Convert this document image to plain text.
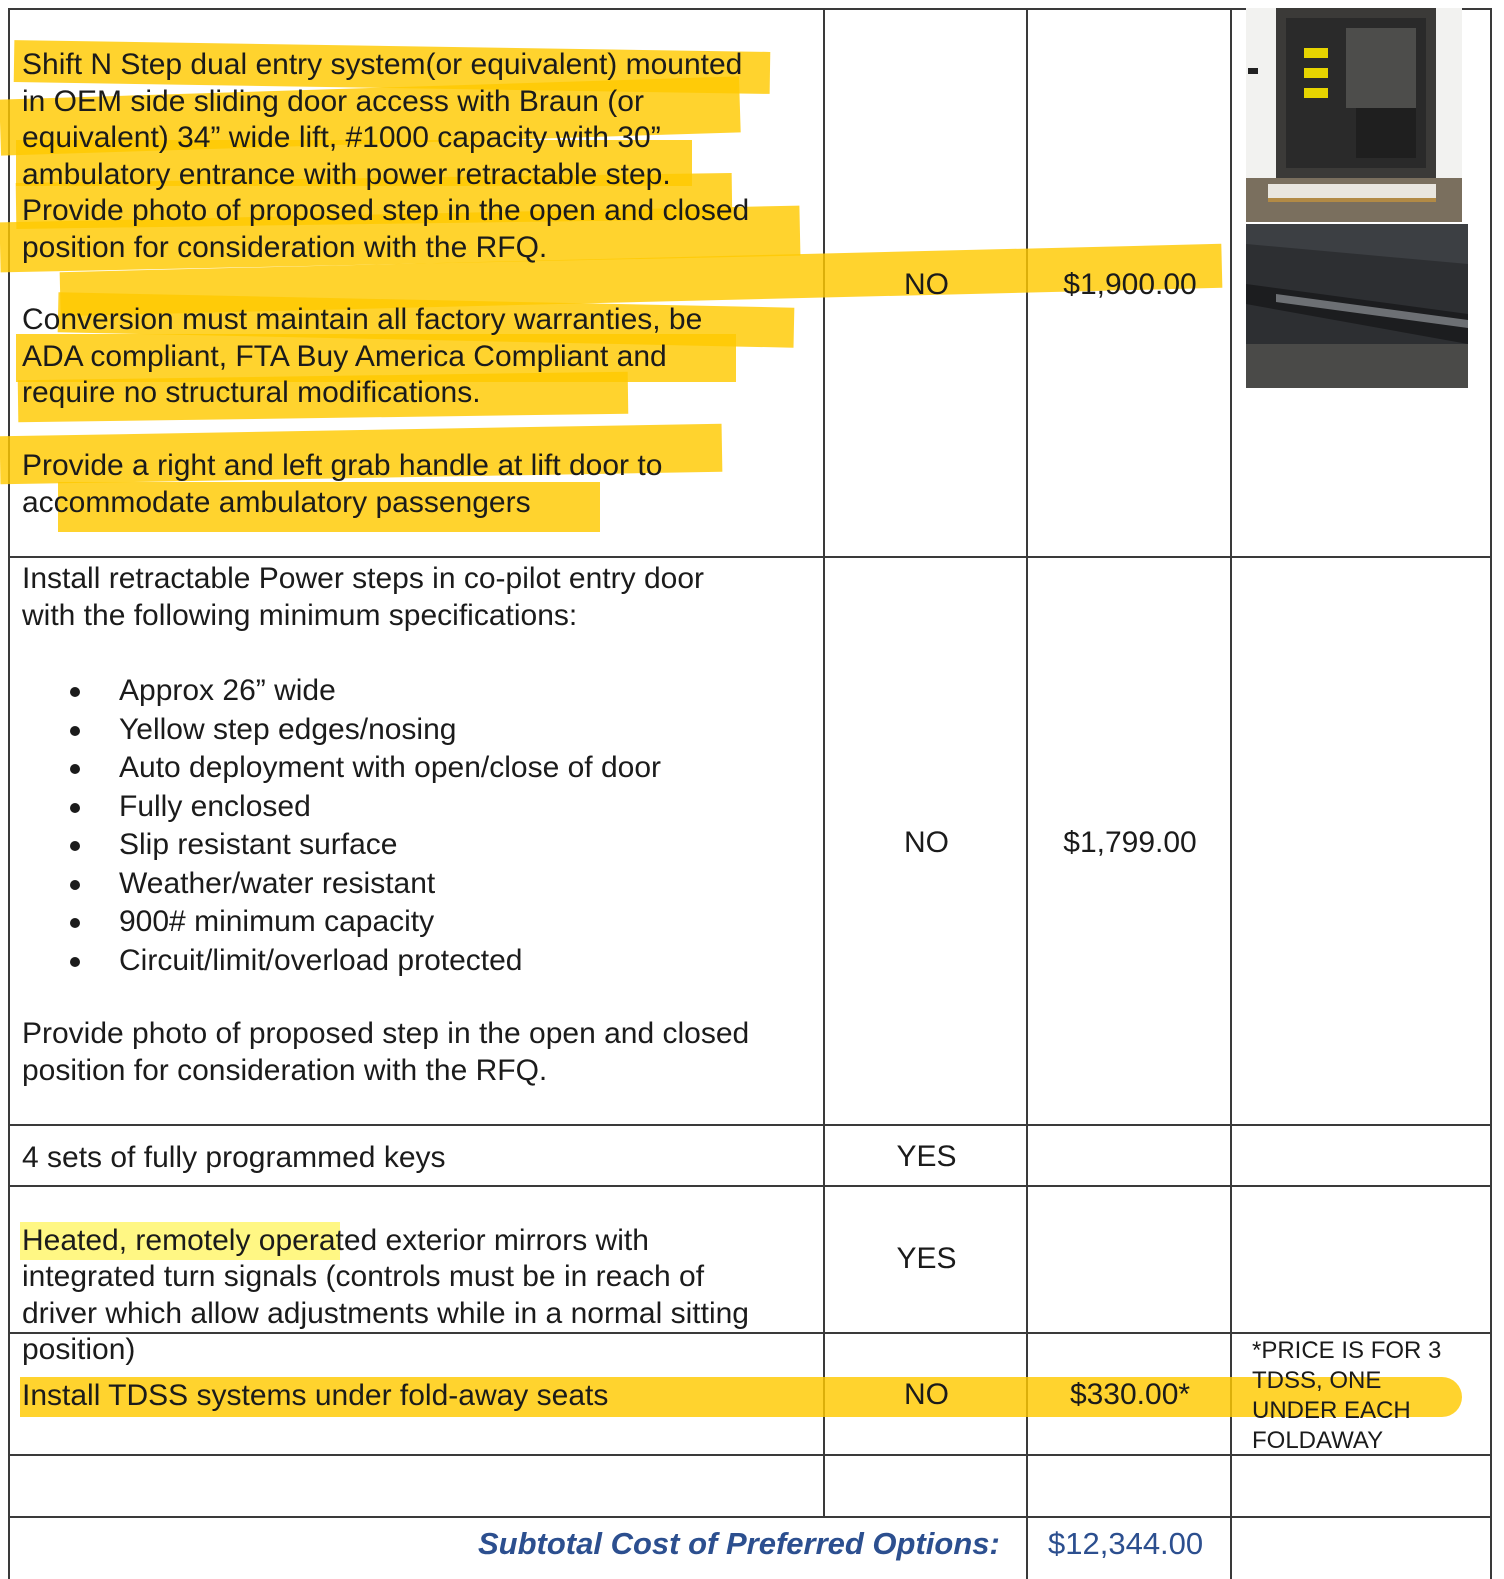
Shift N Step dual entry system(or equivalent) mounted
in OEM side sliding door access with Braun (or
equivalent) 34” wide lift, #1000 capacity with 30”
ambulatory entrance with power retractable step.
Provide photo of proposed step in the open and closed
position for consideration with the RFQ.
Conversion must maintain all factory warranties, be
ADA compliant, FTA Buy America Compliant and
require no structural modifications.
Provide a right and left grab handle at lift door to
accommodate ambulatory passengers
NO	$1,900.00
Install retractable Power steps in co-pilot entry door
with the following minimum specifications:
Approx 26” wide
Yellow step edges/nosing
Auto deployment with open/close of door
Fully enclosed
Slip resistant surface
Weather/water resistant
900# minimum capacity
Circuit/limit/overload protected
Provide photo of proposed step in the open and closed
position for consideration with the RFQ.
NO	$1,799.00
4 sets of fully programmed keys	YES

Heated, remotely operated exterior mirrors with
integrated turn signals (controls must be in reach of
driver which allow adjustments while in a normal sitting
position)

YES
Install TDSS systems under fold-away seats	NO	$330.00*
*PRICE IS FOR 3
TDSS, ONE
UNDER EACH
FOLDAWAY
Subtotal Cost of Preferred Options: $12,344.00
